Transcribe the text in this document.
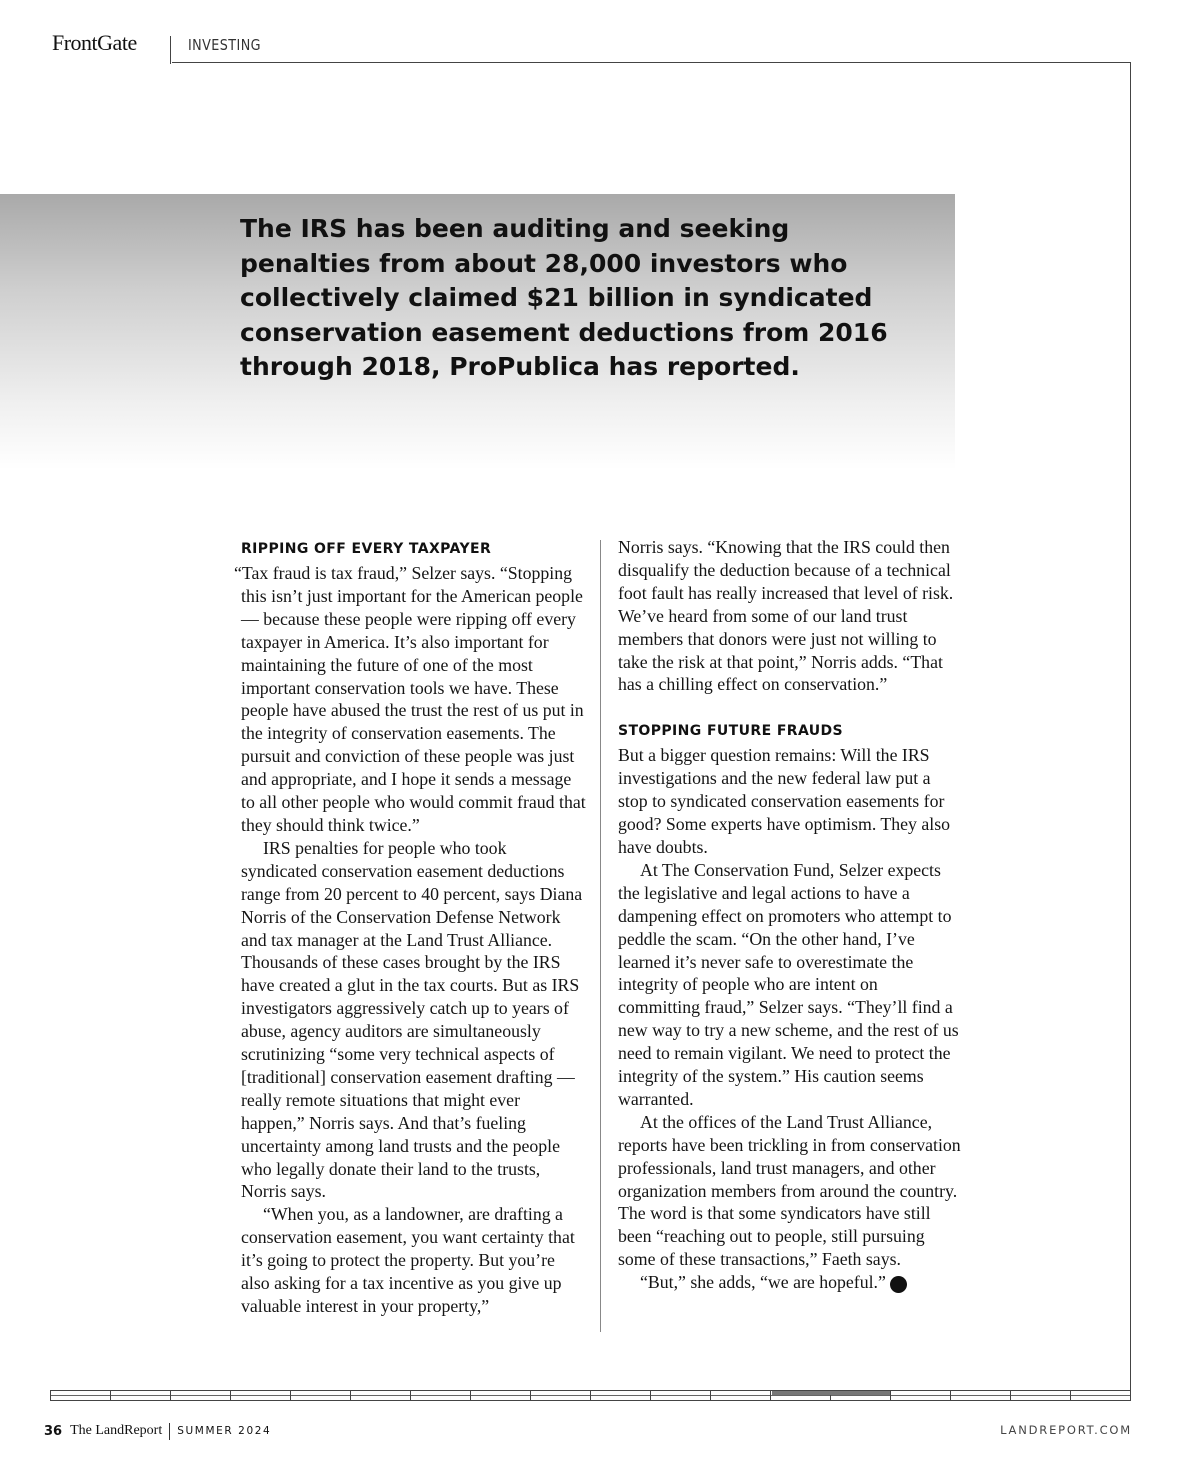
FrontGate	INVESTING

The IRS has been auditing and seeking penalties from about 28,000 investors who collectively claimed $21 billion in syndicated conservation easement deductions from 2016 through 2018, ProPublica has reported.

RIPPING OFF EVERY TAXPAYER

“Tax fraud is tax fraud,” Selzer says. “Stopping this isn’t just important for the American people — because these people were ripping off every taxpayer in America. It’s also important for maintaining the future of one of the most important conservation tools we have. These people have abused the trust the rest of us put in the integrity of conservation easements. The pursuit and conviction of these people was just and appropriate, and I hope it sends a message to all other people who would commit fraud that they should think twice.”

IRS penalties for people who took syndicated conservation easement deductions range from 20 percent to 40 percent, says Diana Norris of the Conservation Defense Network and tax manager at the Land Trust Alliance. Thousands of these cases brought by the IRS have created a glut in the tax courts. But as IRS investigators aggressively catch up to years of abuse, agency auditors are simultaneously scrutinizing “some very technical aspects of [traditional] conservation easement drafting — really remote situations that might ever happen,” Norris says. And that’s fueling uncertainty among land trusts and the people who legally donate their land to the trusts, Norris says.

“When you, as a landowner, are drafting a conservation easement, you want certainty that it’s going to protect the property. But you’re also asking for a tax incentive as you give up valuable interest in your property,”

Norris says. “Knowing that the IRS could then disqualify the deduction because of a technical foot fault has really increased that level of risk. We’ve heard from some of our land trust members that donors were just not willing to take the risk at that point,” Norris adds. “That has a chilling effect on conservation.”

STOPPING FUTURE FRAUDS

But a bigger question remains: Will the IRS investigations and the new federal law put a stop to syndicated conservation easements for good? Some experts have optimism. They also have doubts.

At The Conservation Fund, Selzer expects the legislative and legal actions to have a dampening effect on promoters who attempt to peddle the scam. “On the other hand, I’ve learned it’s never safe to overestimate the integrity of people who are intent on committing fraud,” Selzer says. “They’ll find a new way to try a new scheme, and the rest of us need to remain vigilant. We need to protect the integrity of the system.” His caution seems warranted.

At the offices of the Land Trust Alliance, reports have been trickling in from conservation professionals, land trust managers, and other organization members from around the country. The word is that some syndicators have still been “reaching out to people, still pursuing some of these transactions,” Faeth says.

“But,” she adds, “we are hopeful.”	LR

36 The LandReport SUMMER 2024	LANDREPORT.COM
